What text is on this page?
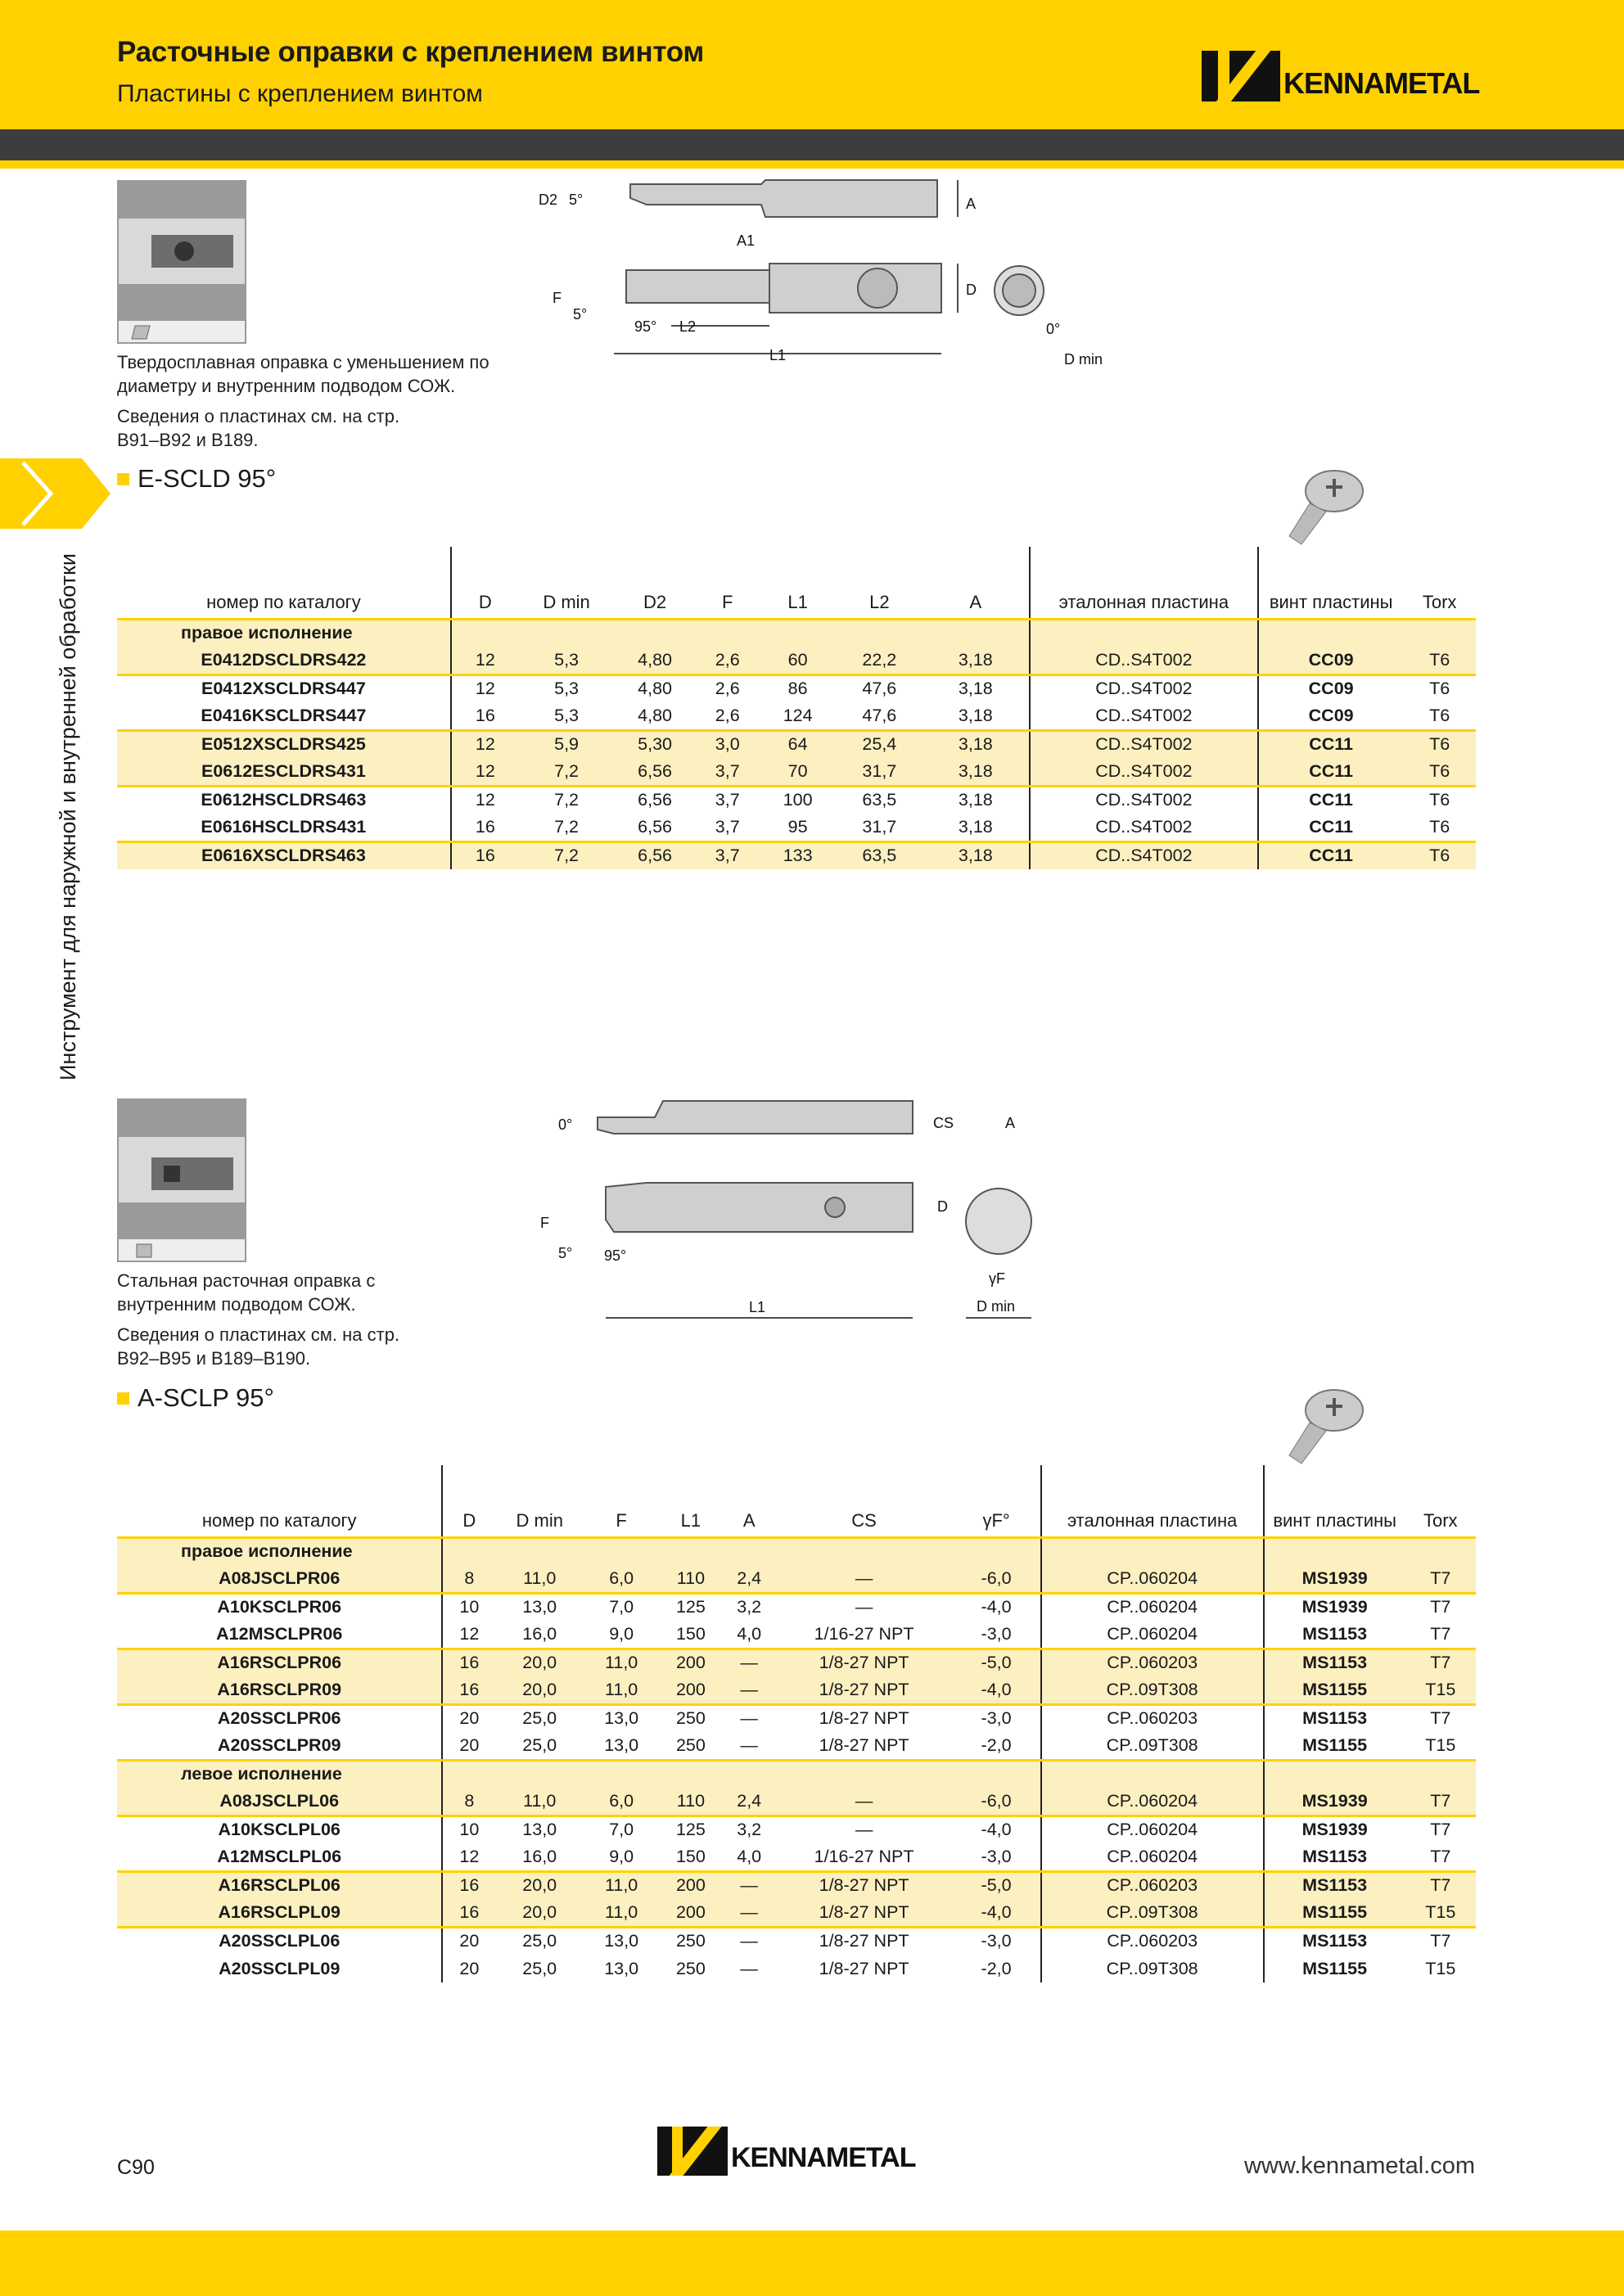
Расточные оправки с креплением винтом
Пластины с креплением винтом	KENNAMETAL
Инструмент для наружной и внутренней обработки
Твердосплавная оправка с уменьшением по диаметру и внутренним подводом СОЖ.
Сведения о пластинах см. на стр. B91–B92 и B189.
D2 5°	A
A1
F
5°
95° L2
L1
D
0°
D min
E-SCLD 95°
номер по каталогу	D	D min	D2	F	L1	L2	A	эталонная пластина	винт пластины	Torx
правое исполнение										
E0412DSCLDRS422	12	5,3	4,80	2,6	60	22,2	3,18	CD..S4T002	CC09	T6
E0412XSCLDRS447	12	5,3	4,80	2,6	86	47,6	3,18	CD..S4T002	CC09	T6
E0416KSCLDRS447	16	5,3	4,80	2,6	124	47,6	3,18	CD..S4T002	CC09	T6
E0512XSCLDRS425	12	5,9	5,30	3,0	64	25,4	3,18	CD..S4T002	CC11	T6
E0612ESCLDRS431	12	7,2	6,56	3,7	70	31,7	3,18	CD..S4T002	CC11	T6
E0612HSCLDRS463	12	7,2	6,56	3,7	100	63,5	3,18	CD..S4T002	CC11	T6
E0616HSCLDRS431	16	7,2	6,56	3,7	95	31,7	3,18	CD..S4T002	CC11	T6
E0616XSCLDRS463	16	7,2	6,56	3,7	133	63,5	3,18	CD..S4T002	CC11	T6
Стальная расточная оправка с внутренним подводом СОЖ.
Сведения о пластинах см. на стр. B92–B95 и B189–B190.
0°	CS	A
F
D
5° 95°
L1
γF
D min
A-SCLP 95°
номер по каталогу	D	D min	F	L1	A	CS	γF°	эталонная пластина	винт пластины	Torx
правое исполнение										
A08JSCLPR06	8	11,0	6,0	110	2,4	—	-6,0	CP..060204	MS1939	T7
A10KSCLPR06	10	13,0	7,0	125	3,2	—	-4,0	CP..060204	MS1939	T7
A12MSCLPR06	12	16,0	9,0	150	4,0	1/16-27 NPT	-3,0	CP..060204	MS1153	T7
A16RSCLPR06	16	20,0	11,0	200	—	1/8-27 NPT	-5,0	CP..060203	MS1153	T7
A16RSCLPR09	16	20,0	11,0	200	—	1/8-27 NPT	-4,0	CP..09T308	MS1155	T15
A20SSCLPR06	20	25,0	13,0	250	—	1/8-27 NPT	-3,0	CP..060203	MS1153	T7
A20SSCLPR09	20	25,0	13,0	250	—	1/8-27 NPT	-2,0	CP..09T308	MS1155	T15
левое исполнение										
A08JSCLPL06	8	11,0	6,0	110	2,4	—	-6,0	CP..060204	MS1939	T7
A10KSCLPL06	10	13,0	7,0	125	3,2	—	-4,0	CP..060204	MS1939	T7
A12MSCLPL06	12	16,0	9,0	150	4,0	1/16-27 NPT	-3,0	CP..060204	MS1153	T7
A16RSCLPL06	16	20,0	11,0	200	—	1/8-27 NPT	-5,0	CP..060203	MS1153	T7
A16RSCLPL09	16	20,0	11,0	200	—	1/8-27 NPT	-4,0	CP..09T308	MS1155	T15
A20SSCLPL06	20	25,0	13,0	250	—	1/8-27 NPT	-3,0	CP..060203	MS1153	T7
A20SSCLPL09	20	25,0	13,0	250	—	1/8-27 NPT	-2,0	CP..09T308	MS1155	T15
C90	KENNAMETAL	www.kennametal.com
